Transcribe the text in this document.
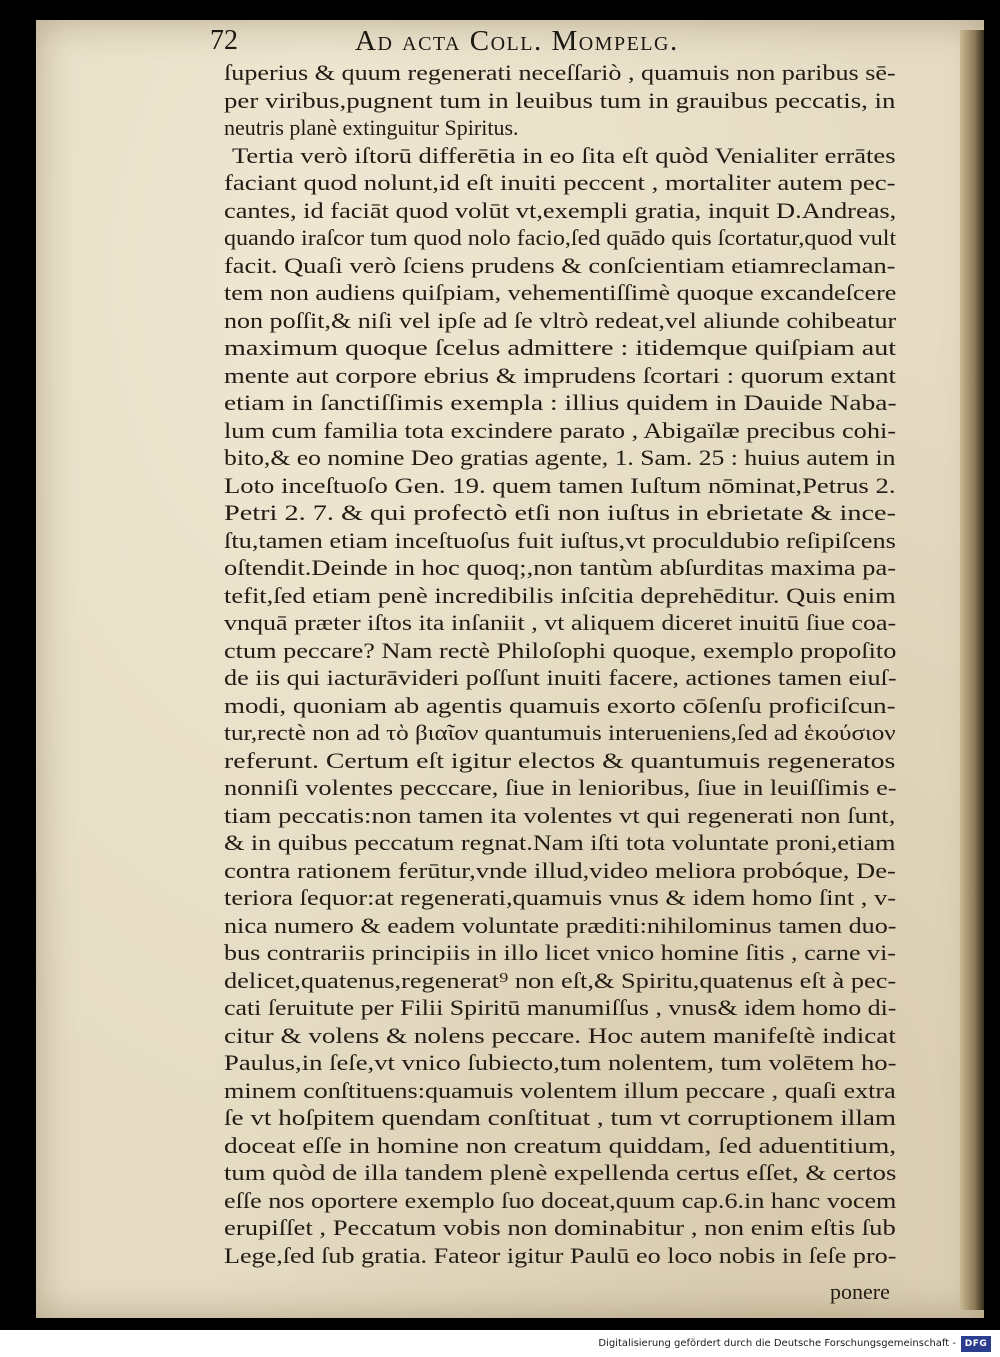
72	Ad acta Coll. Mompelg.
ſuperius & quum regenerati neceſſariò , quamuis non paribus sē-
per viribus,pugnent tum in leuibus tum in grauibus peccatis, in
neutris planè extinguitur Spiritus.
Tertia verò iſtorū differētia in eo ſita eſt quòd Venialiter errātes
faciant quod nolunt,id eſt inuiti peccent , mortaliter autem pec-
cantes, id faciāt quod volūt vt,exempli gratia, inquit D.Andreas,
quando iraſcor tum quod nolo facio,ſed quādo quis ſcortatur,quod vult
facit. Quaſi verò ſciens prudens & conſcientiam etiamreclaman-
tem non audiens quiſpiam, vehementiſſimè quoque excandeſcere
non poſſit,& niſi vel ipſe ad ſe vltrò redeat,vel aliunde cohibeatur
maximum quoque ſcelus admittere : itidemque quiſpiam aut
mente aut corpore ebrius & imprudens ſcortari : quorum extant
etiam in ſanctiſſimis exempla : illius quidem in Dauide Naba-
lum cum familia tota excindere parato , Abigaïlæ precibus cohi-
bito,& eo nomine Deo gratias agente, 1. Sam. 25 : huius autem in
Loto inceſtuoſo Gen. 19. quem tamen Iuſtum nōminat,Petrus 2.
Petri 2. 7. & qui profectò etſi non iuſtus in ebrietate & ince-
ſtu,tamen etiam inceſtuoſus fuit iuſtus,vt proculdubio reſipiſcens
oſtendit.Deinde in hoc quoq;,non tantùm abſurditas maxima pa-
tefit,ſed etiam penè incredibilis inſcitia deprehēditur. Quis enim
vnquā præter iſtos ita inſaniit , vt aliquem diceret inuitū ſiue coa-
ctum peccare? Nam rectè Philoſophi quoque, exemplo propoſito
de iis qui iacturāvideri poſſunt inuiti facere, actiones tamen eiuſ-
modi, quoniam ab agentis quamuis exorto cōſenſu proficiſcun-
tur,rectè non ad τὸ βιαῖον quantumuis interueniens,ſed ad ἑκούσιον
referunt. Certum eſt igitur electos & quantumuis regeneratos
nonniſi volentes pecccare, ſiue in lenioribus, ſiue in leuiſſimis e-
tiam peccatis:non tamen ita volentes vt qui regenerati non ſunt,
& in quibus peccatum regnat.Nam iſti tota voluntate proni,etiam
contra rationem ferūtur,vnde illud,video meliora probóque, De-
teriora ſequor:at regenerati,quamuis vnus & idem homo ſint , v-
nica numero & eadem voluntate præditi:nihilominus tamen duo-
bus contrariis principiis in illo licet vnico homine ſitis , carne vi-
delicet,quatenus,regenerat⁹ non eſt,& Spiritu,quatenus eſt à pec-
cati ſeruitute per Filii Spiritū manumiſſus , vnus& idem homo di-
citur & volens & nolens peccare. Hoc autem manifeſtè indicat
Paulus,in ſeſe,vt vnico ſubiecto,tum nolentem, tum volētem ho-
minem conſtituens:quamuis volentem illum peccare , quaſi extra
ſe vt hoſpitem quendam conſtituat , tum vt corruptionem illam
doceat eſſe in homine non creatum quiddam, ſed aduentitium,
tum quòd de illa tandem plenè expellenda certus eſſet, & certos
eſſe nos oportere exemplo ſuo doceat,quum cap.6.in hanc vocem
erupiſſet , Peccatum vobis non dominabitur , non enim eſtis ſub
Lege,ſed ſub gratia. Fateor igitur Paulū eo loco nobis in ſeſe pro-
ponere
Digitalisierung gefördert durch die Deutsche Forschungsgemeinschaft - DFG
